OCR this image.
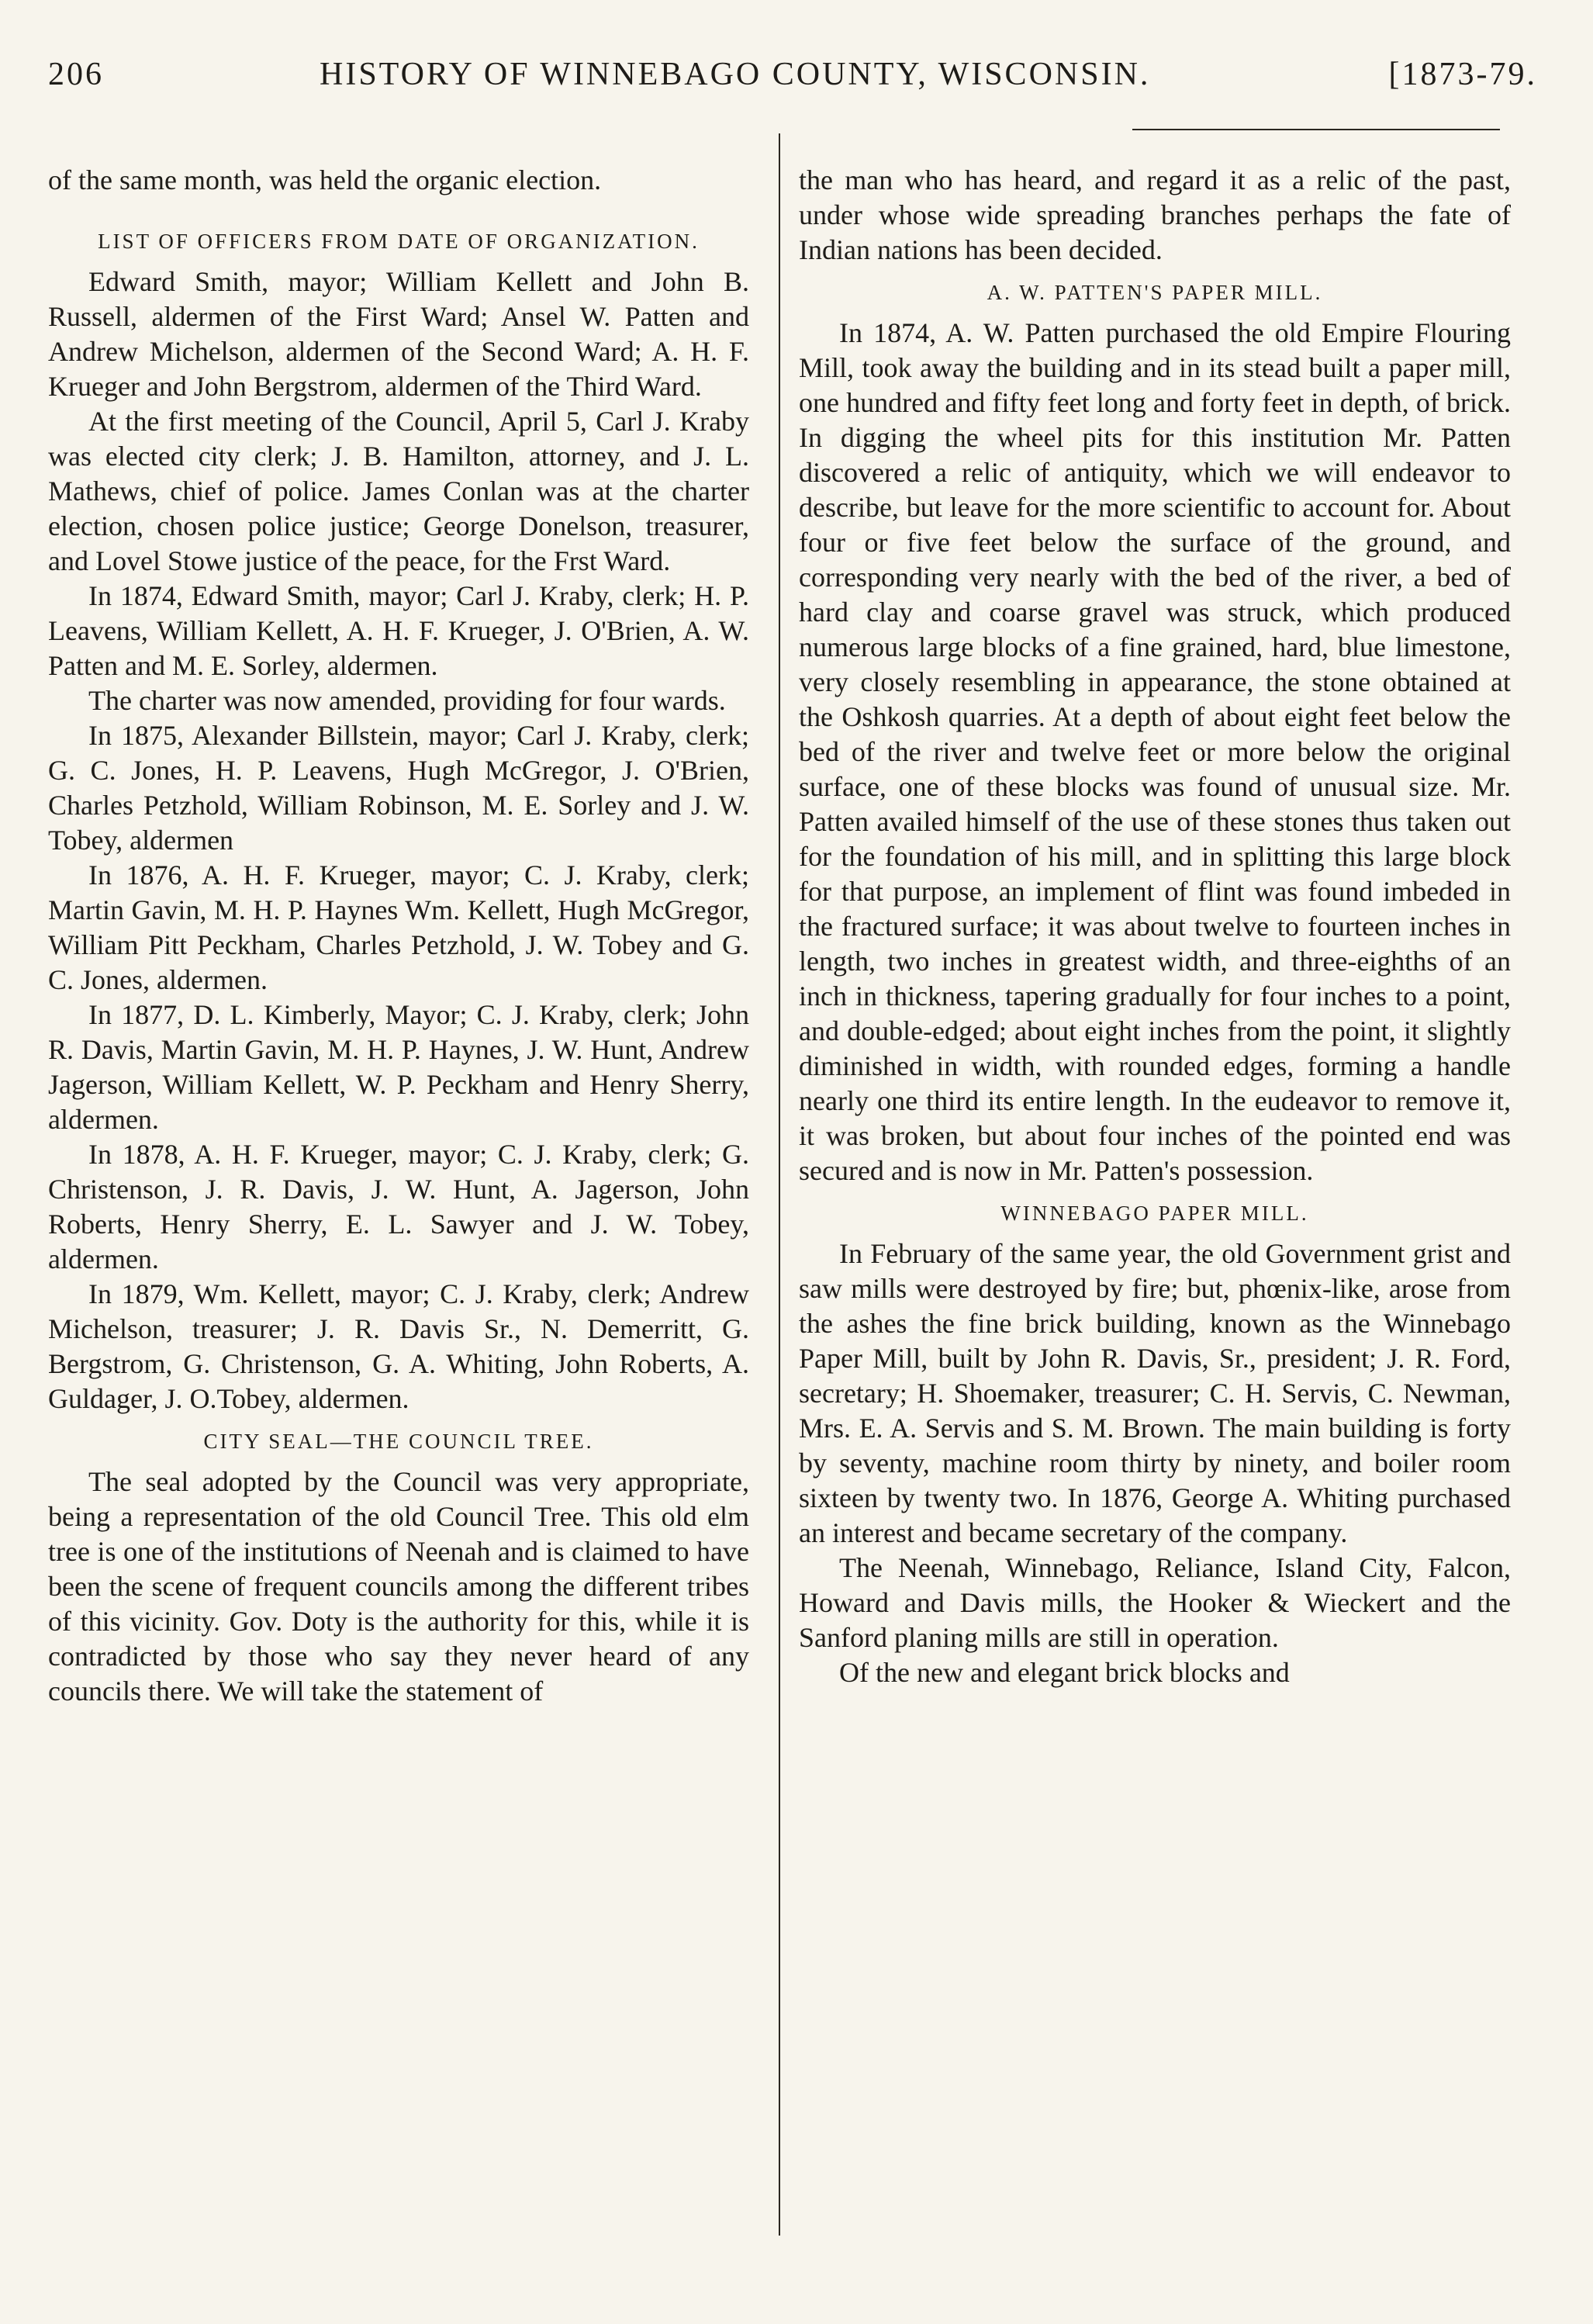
206	HISTORY OF WINNEBAGO COUNTY, WISCONSIN.	[1873-79.

of the same month, was held the organic election.

LIST OF OFFICERS FROM DATE OF ORGANIZATION.

Edward Smith, mayor; William Kellett and John B. Russell, aldermen of the First Ward; Ansel W. Patten and Andrew Michelson, aldermen of the Second Ward; A. H. F. Krueger and John Bergstrom, aldermen of the Third Ward.

At the first meeting of the Council, April 5, Carl J. Kraby was elected city clerk; J. B. Hamilton, attorney, and J. L. Mathews, chief of police. James Conlan was at the charter election, chosen police justice; George Donelson, treasurer, and Lovel Stowe justice of the peace, for the Frst Ward.

In 1874, Edward Smith, mayor; Carl J. Kraby, clerk; H. P. Leavens, William Kellett, A. H. F. Krueger, J. O'Brien, A. W. Patten and M. E. Sorley, aldermen.

The charter was now amended, providing for four wards.

In 1875, Alexander Billstein, mayor; Carl J. Kraby, clerk; G. C. Jones, H. P. Leavens, Hugh McGregor, J. O'Brien, Charles Petzhold, William Robinson, M. E. Sorley and J. W. Tobey, aldermen

In 1876, A. H. F. Krueger, mayor; C. J. Kraby, clerk; Martin Gavin, M. H. P. Haynes Wm. Kellett, Hugh McGregor, William Pitt Peckham, Charles Petzhold, J. W. Tobey and G. C. Jones, aldermen.

In 1877, D. L. Kimberly, Mayor; C. J. Kraby, clerk; John R. Davis, Martin Gavin, M. H. P. Haynes, J. W. Hunt, Andrew Jagerson, William Kellett, W. P. Peckham and Henry Sherry, aldermen.

In 1878, A. H. F. Krueger, mayor; C. J. Kraby, clerk; G. Christenson, J. R. Davis, J. W. Hunt, A. Jagerson, John Roberts, Henry Sherry, E. L. Sawyer and J. W. Tobey, aldermen.

In 1879, Wm. Kellett, mayor; C. J. Kraby, clerk; Andrew Michelson, treasurer; J. R. Davis Sr., N. Demerritt, G. Bergstrom, G. Christenson, G. A. Whiting, John Roberts, A. Guldager, J. O.Tobey, aldermen.

CITY SEAL—THE COUNCIL TREE.

The seal adopted by the Council was very appropriate, being a representation of the old Council Tree. This old elm tree is one of the institutions of Neenah and is claimed to have been the scene of frequent councils among the different tribes of this vicinity. Gov. Doty is the authority for this, while it is contradicted by those who say they never heard of any councils there. We will take the statement of

the man who has heard, and regard it as a relic of the past, under whose wide spreading branches perhaps the fate of Indian nations has been decided.

A. W. PATTEN'S PAPER MILL.

In 1874, A. W. Patten purchased the old Empire Flouring Mill, took away the building and in its stead built a paper mill, one hundred and fifty feet long and forty feet in depth, of brick. In digging the wheel pits for this institution Mr. Patten discovered a relic of antiquity, which we will endeavor to describe, but leave for the more scientific to account for. About four or five feet below the surface of the ground, and corresponding very nearly with the bed of the river, a bed of hard clay and coarse gravel was struck, which produced numerous large blocks of a fine grained, hard, blue limestone, very closely resembling in appearance, the stone obtained at the Oshkosh quarries. At a depth of about eight feet below the bed of the river and twelve feet or more below the original surface, one of these blocks was found of unusual size. Mr. Patten availed himself of the use of these stones thus taken out for the foundation of his mill, and in splitting this large block for that purpose, an implement of flint was found imbeded in the fractured surface; it was about twelve to fourteen inches in length, two inches in greatest width, and three-eighths of an inch in thickness, tapering gradually for four inches to a point, and double-edged; about eight inches from the point, it slightly diminished in width, with rounded edges, forming a handle nearly one third its entire length. In the eudeavor to remove it, it was broken, but about four inches of the pointed end was secured and is now in Mr. Patten's possession.

WINNEBAGO PAPER MILL.

In February of the same year, the old Government grist and saw mills were destroyed by fire; but, phœnix-like, arose from the ashes the fine brick building, known as the Winnebago Paper Mill, built by John R. Davis, Sr., president; J. R. Ford, secretary; H. Shoemaker, treasurer; C. H. Servis, C. Newman, Mrs. E. A. Servis and S. M. Brown. The main building is forty by seventy, machine room thirty by ninety, and boiler room sixteen by twenty two. In 1876, George A. Whiting purchased an interest and became secretary of the company.

The Neenah, Winnebago, Reliance, Island City, Falcon, Howard and Davis mills, the Hooker & Wieckert and the Sanford planing mills are still in operation.

Of the new and elegant brick blocks and
